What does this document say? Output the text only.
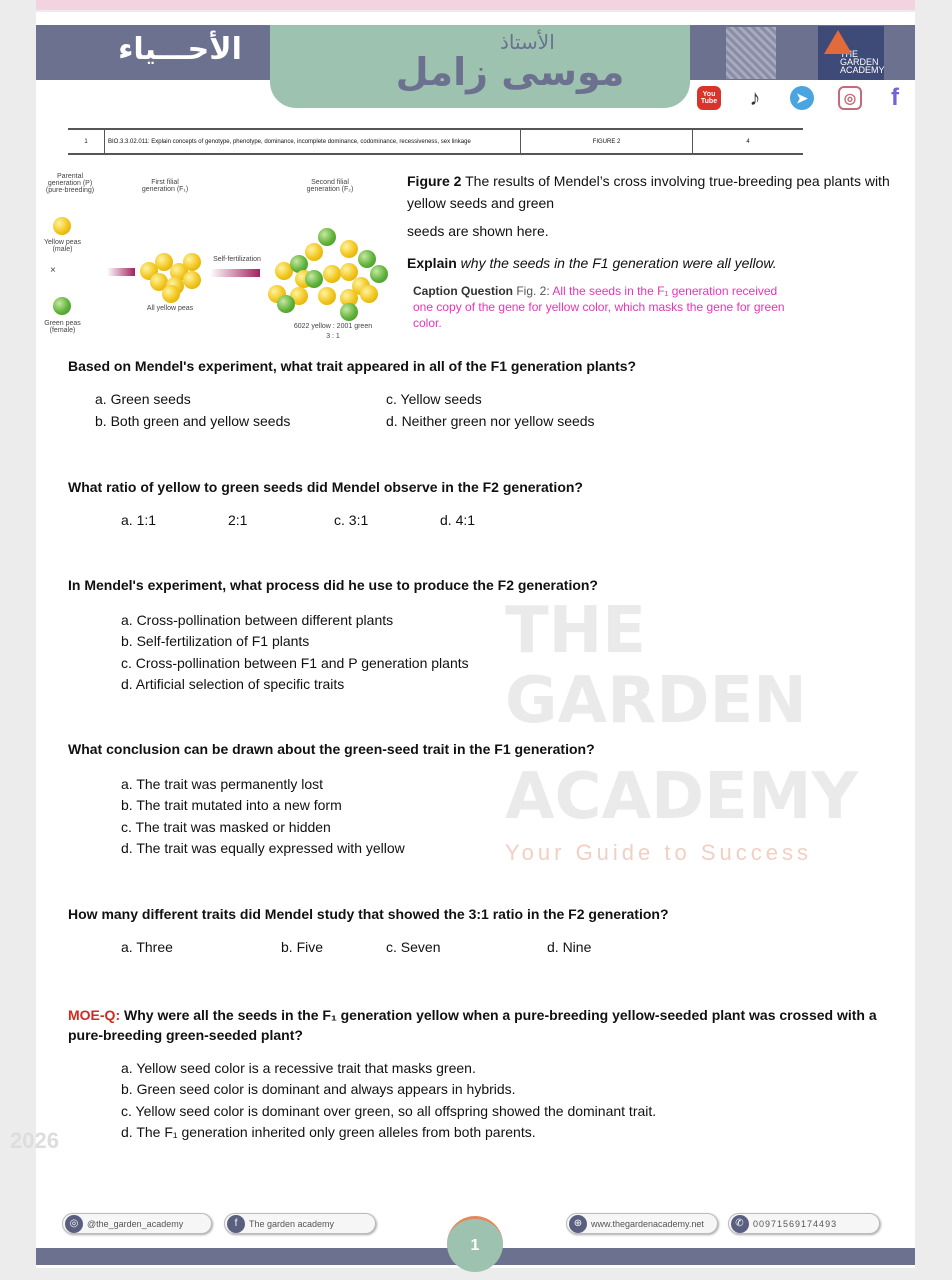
الأحـــياء	الأستاذ
موسى زامل	THE
GARDEN
ACADEMY
You Tube ♪	➤	◎	f
1	BIO.3.3.02.011: Explain concepts of genotype, phenotype, dominance, incomplete dominance, codominance, recessiveness, sex linkage	FIGURE 2	4
Parental generation (P) (pure-breeding)
First filial generation (F₁)
Second filial generation (F₂)
Yellow peas (male)
×
Green peas (female)
All yellow peas
Self-fertilization
6022 yellow : 2001 green
3 : 1

Figure 2 The results of Mendel’s cross involving true-breeding pea plants with yellow seeds and green

seeds are shown here.

Explain why the seeds in the F1 generation were all yellow.

Caption Question Fig. 2: All the seeds in the F₁ generation received one copy of the gene for yellow color, which masks the gene for green color.
THE
GARDEN
ACADEMY
Your Guide to Success
2026
Based on Mendel's experiment, what trait appeared in all of the F1 generation plants?
a. Green seeds
b. Both green and yellow seeds
c. Yellow seeds
d. Neither green nor yellow seeds
What ratio of yellow to green seeds did Mendel observe in the F2 generation?
a. 1:1	2:1	c. 3:1	d. 4:1
In Mendel's experiment, what process did he use to produce the F2 generation?
a. Cross-pollination between different plants
b. Self-fertilization of F1 plants
c. Cross-pollination between F1 and P generation plants
d. Artificial selection of specific traits
What conclusion can be drawn about the green-seed trait in the F1 generation?
a. The trait was permanently lost
b. The trait mutated into a new form
c. The trait was masked or hidden
d. The trait was equally expressed with yellow
How many different traits did Mendel study that showed the 3:1 ratio in the F2 generation?
a. Three	b. Five	c. Seven	d. Nine
MOE-Q: Why were all the seeds in the F₁ generation yellow when a pure-breeding yellow-seeded plant was crossed with a pure-breeding green-seeded plant?
a. Yellow seed color is a recessive trait that masks green.
b. Green seed color is dominant and always appears in hybrids.
c. Yellow seed color is dominant over green, so all offspring showed the dominant trait.
d. The F₁ generation inherited only green alleles from both parents.
◎ @the_garden_academy	f	The garden academy	⊕ www.thegardenacademy.net	✆ 00971569174493
1
